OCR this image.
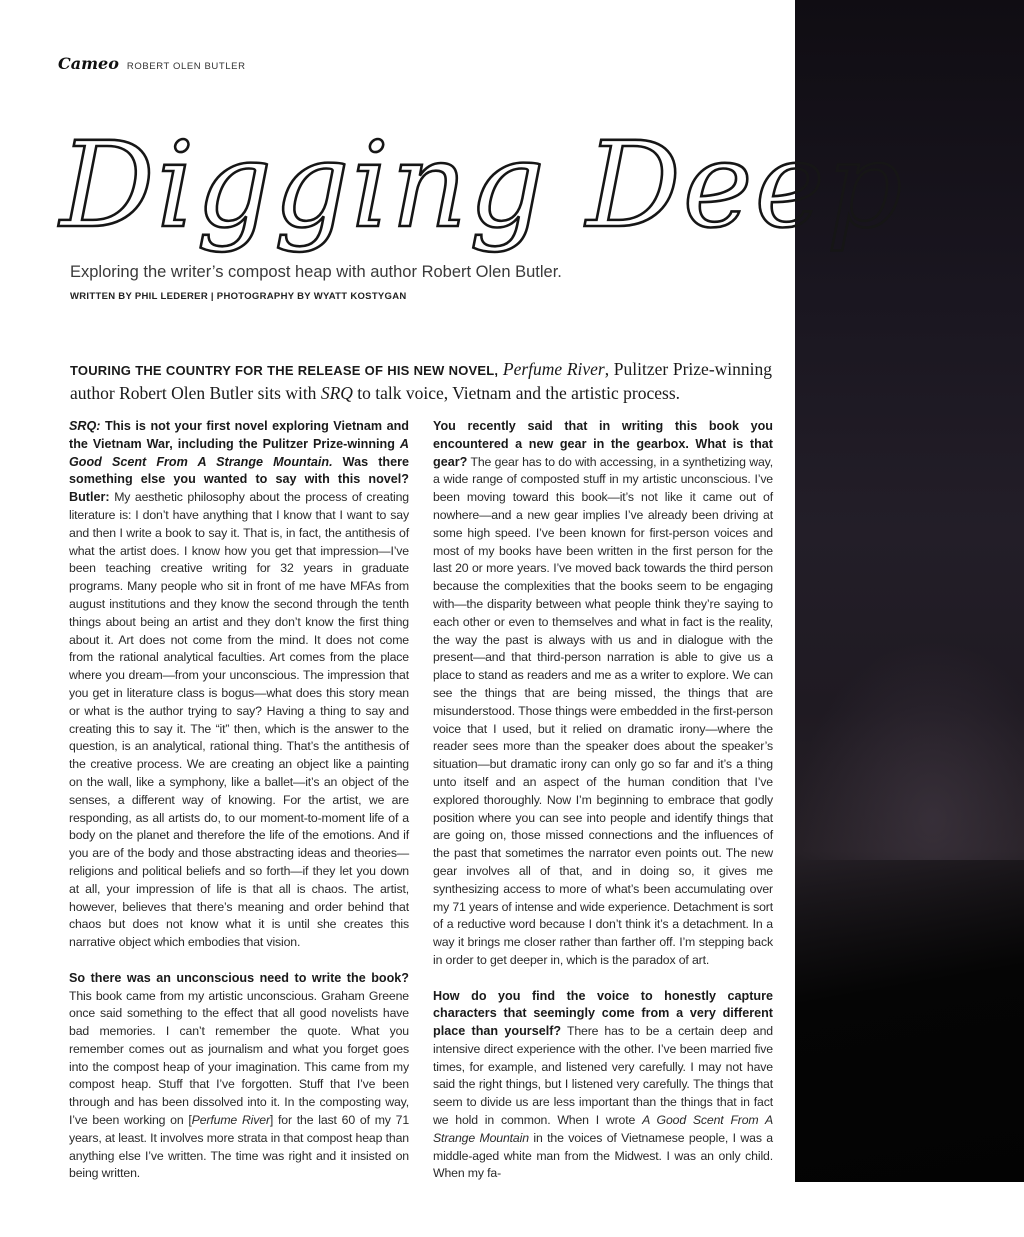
Cameo ROBERT OLEN BUTLER
Digging Deep
Exploring the writer’s compost heap with author Robert Olen Butler.
WRITTEN BY PHIL LEDERER | PHOTOGRAPHY BY WYATT KOSTYGAN
TOURING THE COUNTRY FOR THE RELEASE OF HIS NEW NOVEL, Perfume River, Pulitzer Prize-winning author Robert Olen Butler sits with SRQ to talk voice, Vietnam and the artistic process.

SRQ: This is not your first novel exploring Vietnam and the Vietnam War, including the Pulitzer Prize-winning A Good Scent From A Strange Mountain. Was there something else you wanted to say with this novel? Butler: My aesthetic philosophy about the process of creating literature is: I don’t have anything that I know that I want to say and then I write a book to say it. That is, in fact, the antithesis of what the artist does. I know how you get that impression—I’ve been teaching creative writing for 32 years in graduate programs. Many people who sit in front of me have MFAs from august institutions and they know the second through the tenth things about being an artist and they don’t know the first thing about it. Art does not come from the mind. It does not come from the rational analytical faculties. Art comes from the place where you dream—from your unconscious. The impression that you get in literature class is bogus—what does this story mean or what is the author trying to say? Having a thing to say and creating this to say it. The “it” then, which is the answer to the question, is an analytical, rational thing. That’s the antithesis of the creative process. We are creating an object like a painting on the wall, like a symphony, like a ballet—it’s an object of the senses, a different way of knowing. For the artist, we are responding, as all artists do, to our moment-to-moment life of a body on the planet and therefore the life of the emotions. And if you are of the body and those abstracting ideas and theories—religions and political beliefs and so forth—if they let you down at all, your impression of life is that all is chaos. The artist, however, believes that there’s meaning and order behind that chaos but does not know what it is until she creates this narrative object which embodies that vision.

So there was an unconscious need to write the book? This book came from my artistic unconscious. Graham Greene once said something to the effect that all good novelists have bad memories. I can’t remember the quote. What you remember comes out as journalism and what you forget goes into the compost heap of your imagination. This came from my compost heap. Stuff that I’ve forgotten. Stuff that I’ve been through and has been dissolved into it. In the composting way, I’ve been working on [Perfume River] for the last 60 of my 71 years, at least. It involves more strata in that compost heap than anything else I’ve written. The time was right and it insisted on being written.

You recently said that in writing this book you encountered a new gear in the gearbox. What is that gear? The gear has to do with accessing, in a synthetizing way, a wide range of composted stuff in my artistic unconscious. I’ve been moving toward this book—it’s not like it came out of nowhere—and a new gear implies I’ve already been driving at some high speed. I’ve been known for first-person voices and most of my books have been written in the first person for the last 20 or more years. I’ve moved back towards the third person because the complexities that the books seem to be engaging with—the disparity between what people think they’re saying to each other or even to themselves and what in fact is the reality, the way the past is always with us and in dialogue with the present—and that third-person narration is able to give us a place to stand as readers and me as a writer to explore. We can see the things that are being missed, the things that are misunderstood. Those things were embedded in the first-person voice that I used, but it relied on dramatic irony—where the reader sees more than the speaker does about the speaker’s situation—but dramatic irony can only go so far and it’s a thing unto itself and an aspect of the human condition that I’ve explored thoroughly. Now I’m beginning to embrace that godly position where you can see into people and identify things that are going on, those missed connections and the influences of the past that sometimes the narrator even points out. The new gear involves all of that, and in doing so, it gives me synthesizing access to more of what’s been accumulating over my 71 years of intense and wide experience. Detachment is sort of a reductive word because I don’t think it’s a detachment. In a way it brings me closer rather than farther off. I’m stepping back in order to get deeper in, which is the paradox of art.

How do you find the voice to honestly capture characters that seemingly come from a very different place than yourself? There has to be a certain deep and intensive direct experience with the other. I’ve been married five times, for example, and listened very carefully. I may not have said the right things, but I listened very carefully. The things that seem to divide us are less important than the things that in fact we hold in common. When I wrote A Good Scent From A Strange Mountain in the voices of Vietnamese people, I was a middle-aged white man from the Midwest. I was an only child. When my fa-
